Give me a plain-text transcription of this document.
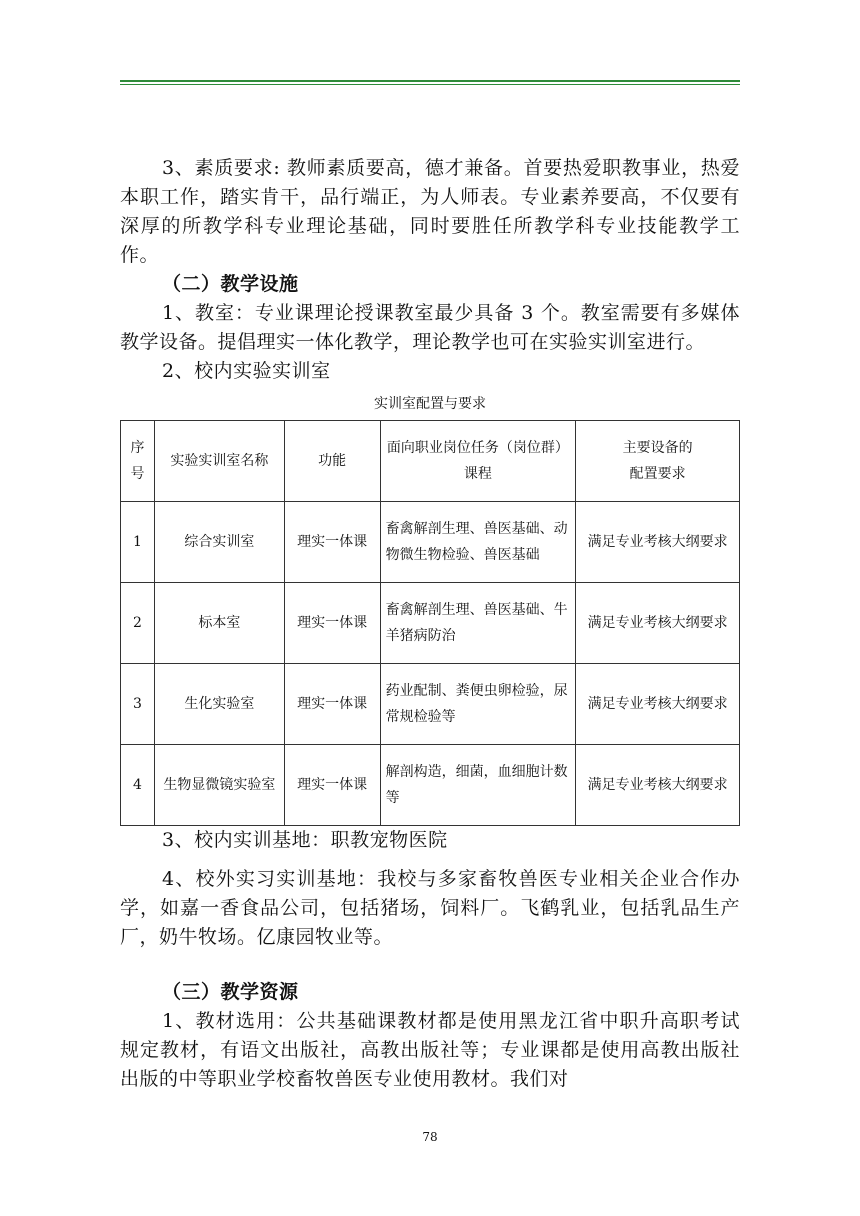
3、素质要求: 教师素质要高，德才兼备。首要热爱职教事业，热爱本职工作，踏实肯干，品行端正，为人师表。专业素养要高，不仅要有深厚的所教学科专业理论基础，同时要胜任所教学科专业技能教学工作。

（二）教学设施

1、教室：专业课理论授课教室最少具备 3 个。教室需要有多媒体教学设备。提倡理实一体化教学，理论教学也可在实验实训室进行。

2、校内实验实训室

实训室配置与要求
序号	实验实训室名称	功能	面向职业岗位任务（岗位群）课程	主要设备的
配置要求

1	综合实训室	理实一体课	畜禽解剖生理、兽医基础、动物微生物检验、兽医基础	满足专业考核大纲要求
2	标本室	理实一体课	畜禽解剖生理、兽医基础、牛羊猪病防治	满足专业考核大纲要求
3	生化实验室	理实一体课	药业配制、粪便虫卵检验，尿常规检验等	满足专业考核大纲要求
4	生物显微镜实验室	理实一体课	解剖构造，细菌，血细胞计数等	满足专业考核大纲要求

3、校内实训基地：职教宠物医院

4、校外实习实训基地：我校与多家畜牧兽医专业相关企业合作办学，如嘉一香食品公司，包括猪场，饲料厂。飞鹤乳业，包括乳品生产厂，奶牛牧场。亿康园牧业等。

（三）教学资源

1、教材选用：公共基础课教材都是使用黑龙江省中职升高职考试规定教材，有语文出版社，高教出版社等；专业课都是使用高教出版社出版的中等职业学校畜牧兽医专业使用教材。我们对

78
